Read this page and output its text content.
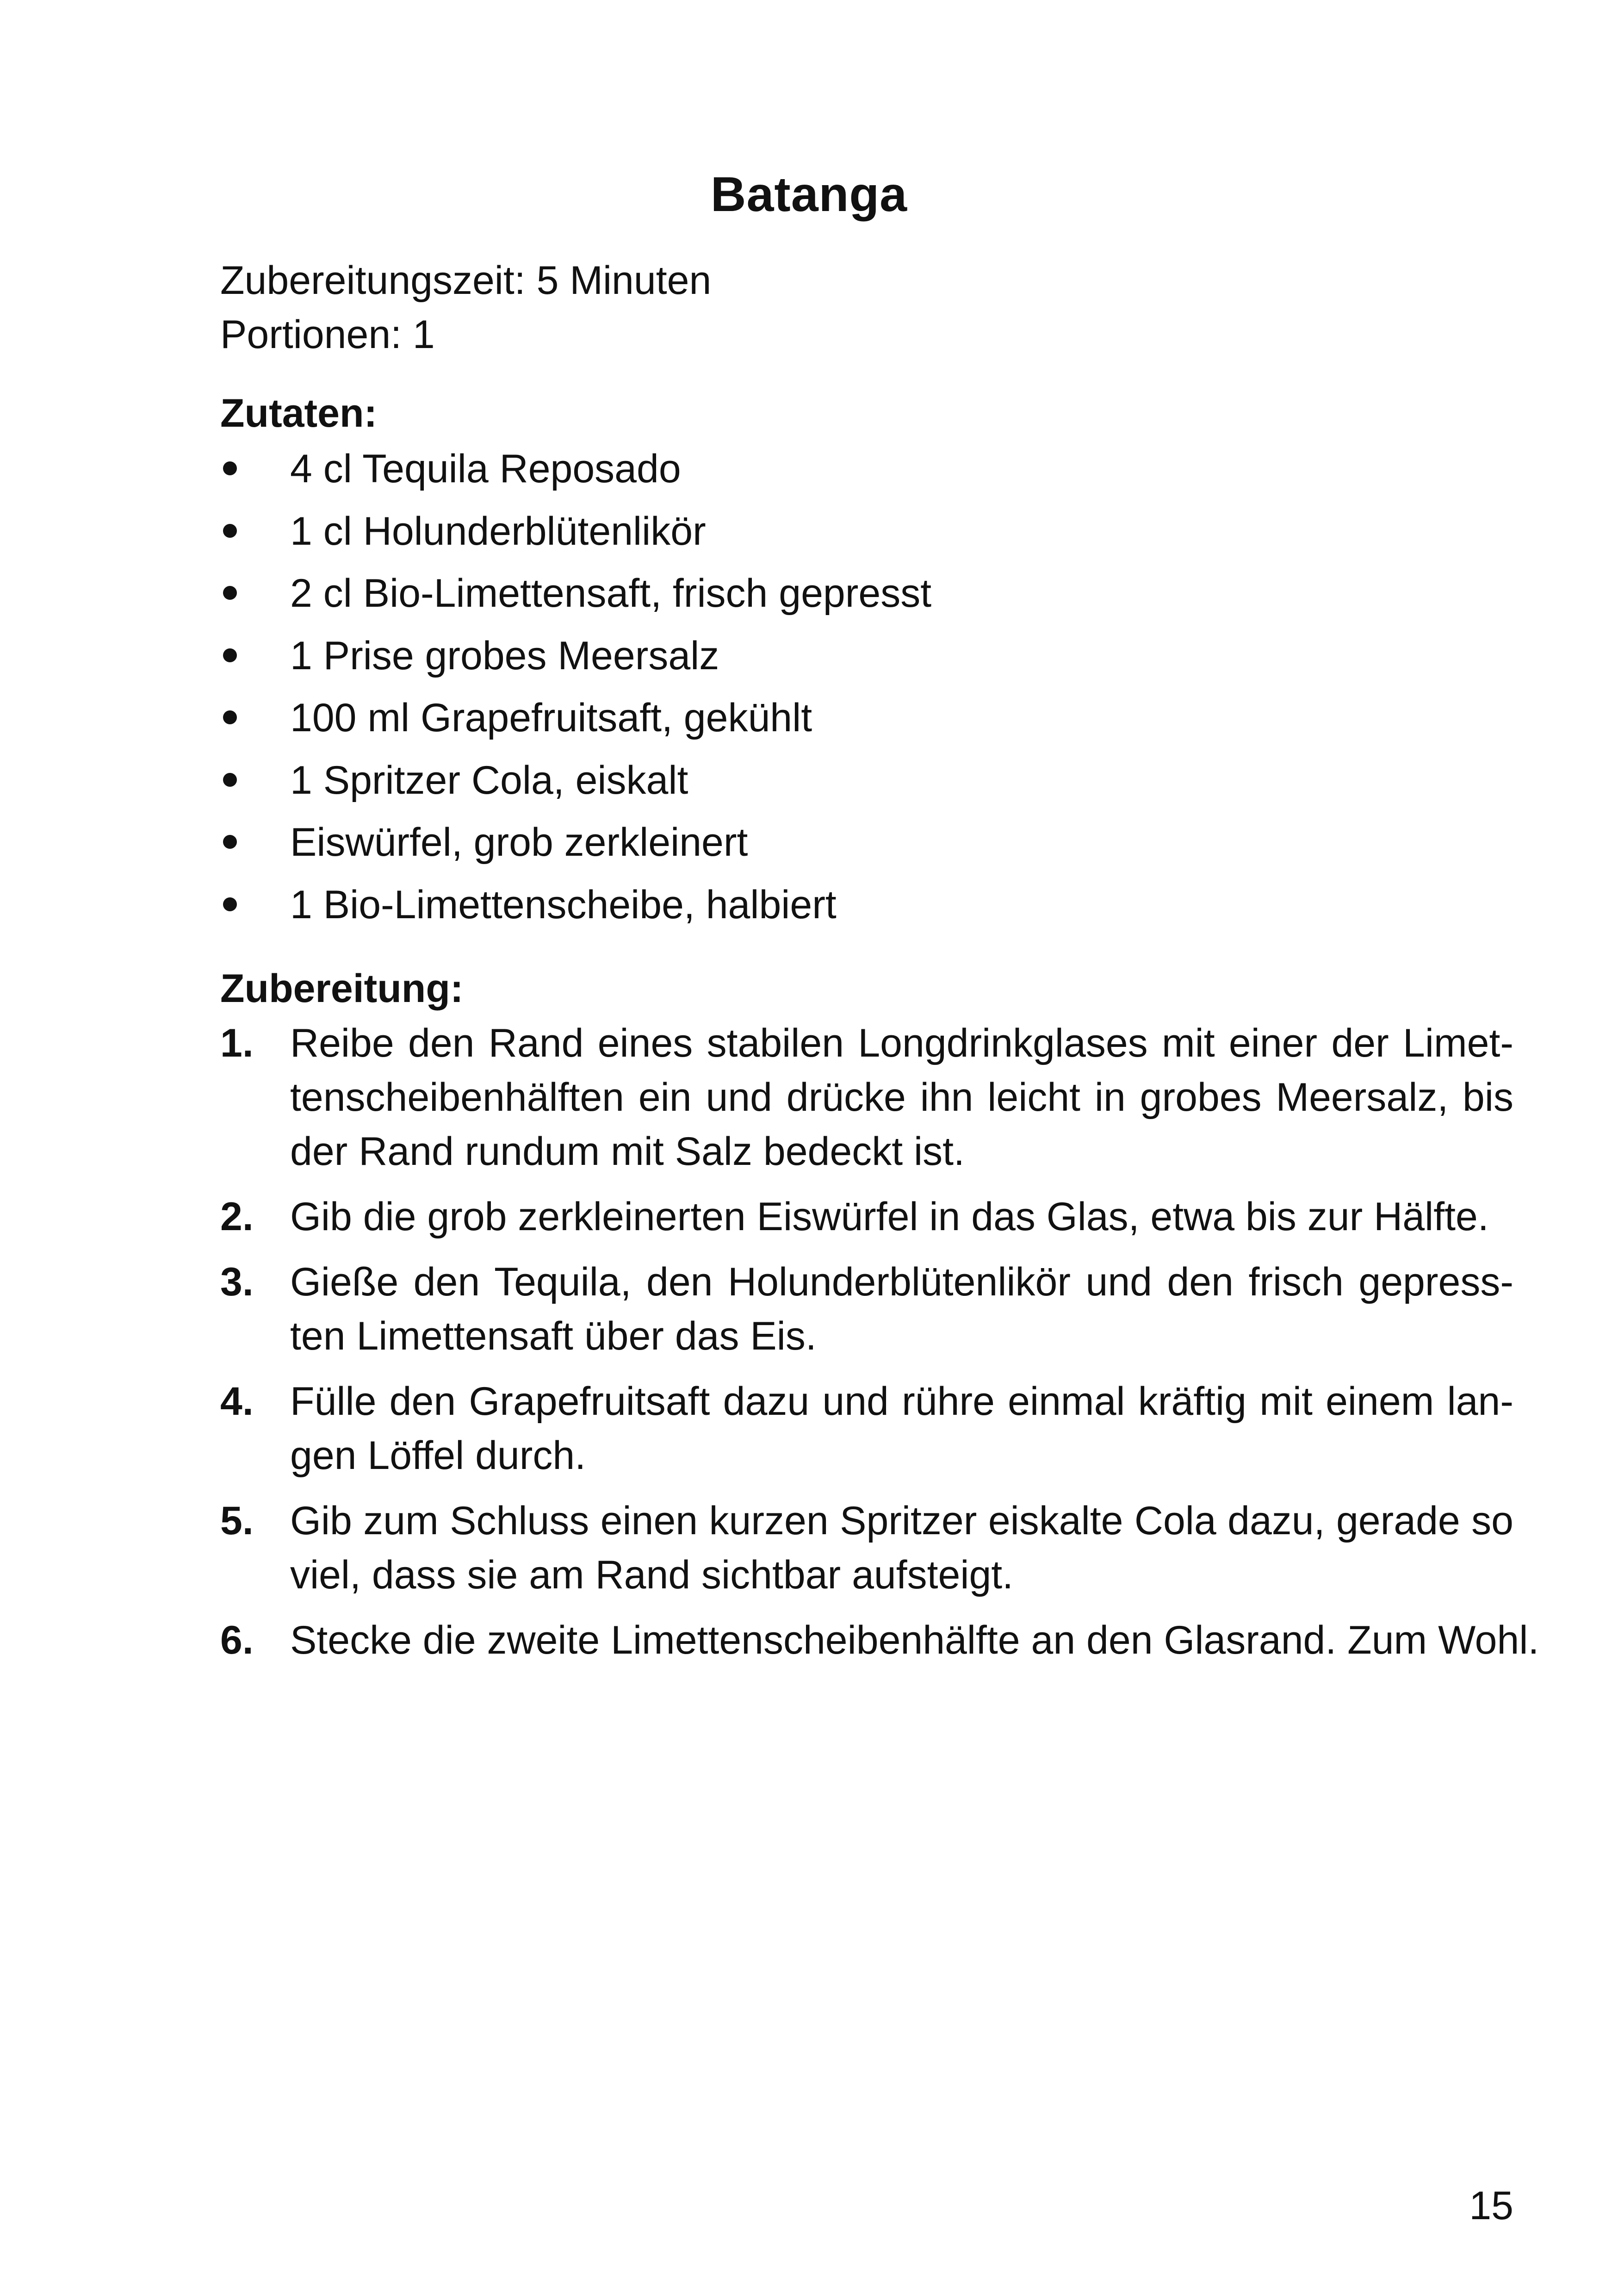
Batanga
Zubereitungszeit: 5 Minuten
Portionen: 1
Zutaten:
4 cl Tequila Reposado
1 cl Holunderblütenlikör
2 cl Bio-Limettensaft, frisch gepresst
1 Prise grobes Meersalz
100 ml Grapefruitsaft, gekühlt
1 Spritzer Cola, eiskalt
Eiswürfel, grob zerkleinert
1 Bio-Limettenscheibe, halbiert
Zubereitung:
1. Reibe den Rand eines stabilen Longdrinkglases mit einer der Limet-
tenscheibenhälften ein und drücke ihn leicht in grobes Meersalz, bis
der Rand rundum mit Salz bedeckt ist.
2. Gib die grob zerkleinerten Eiswürfel in das Glas, etwa bis zur Hälfte.
3. Gieße den Tequila, den Holunderblütenlikör und den frisch gepress-
ten Limettensaft über das Eis.
4. Fülle den Grapefruitsaft dazu und rühre einmal kräftig mit einem lan-
gen Löffel durch.
5. Gib zum Schluss einen kurzen Spritzer eiskalte Cola dazu, gerade so
viel, dass sie am Rand sichtbar aufsteigt.
6. Stecke die zweite Limettenscheibenhälfte an den Glasrand. Zum Wohl.
15
